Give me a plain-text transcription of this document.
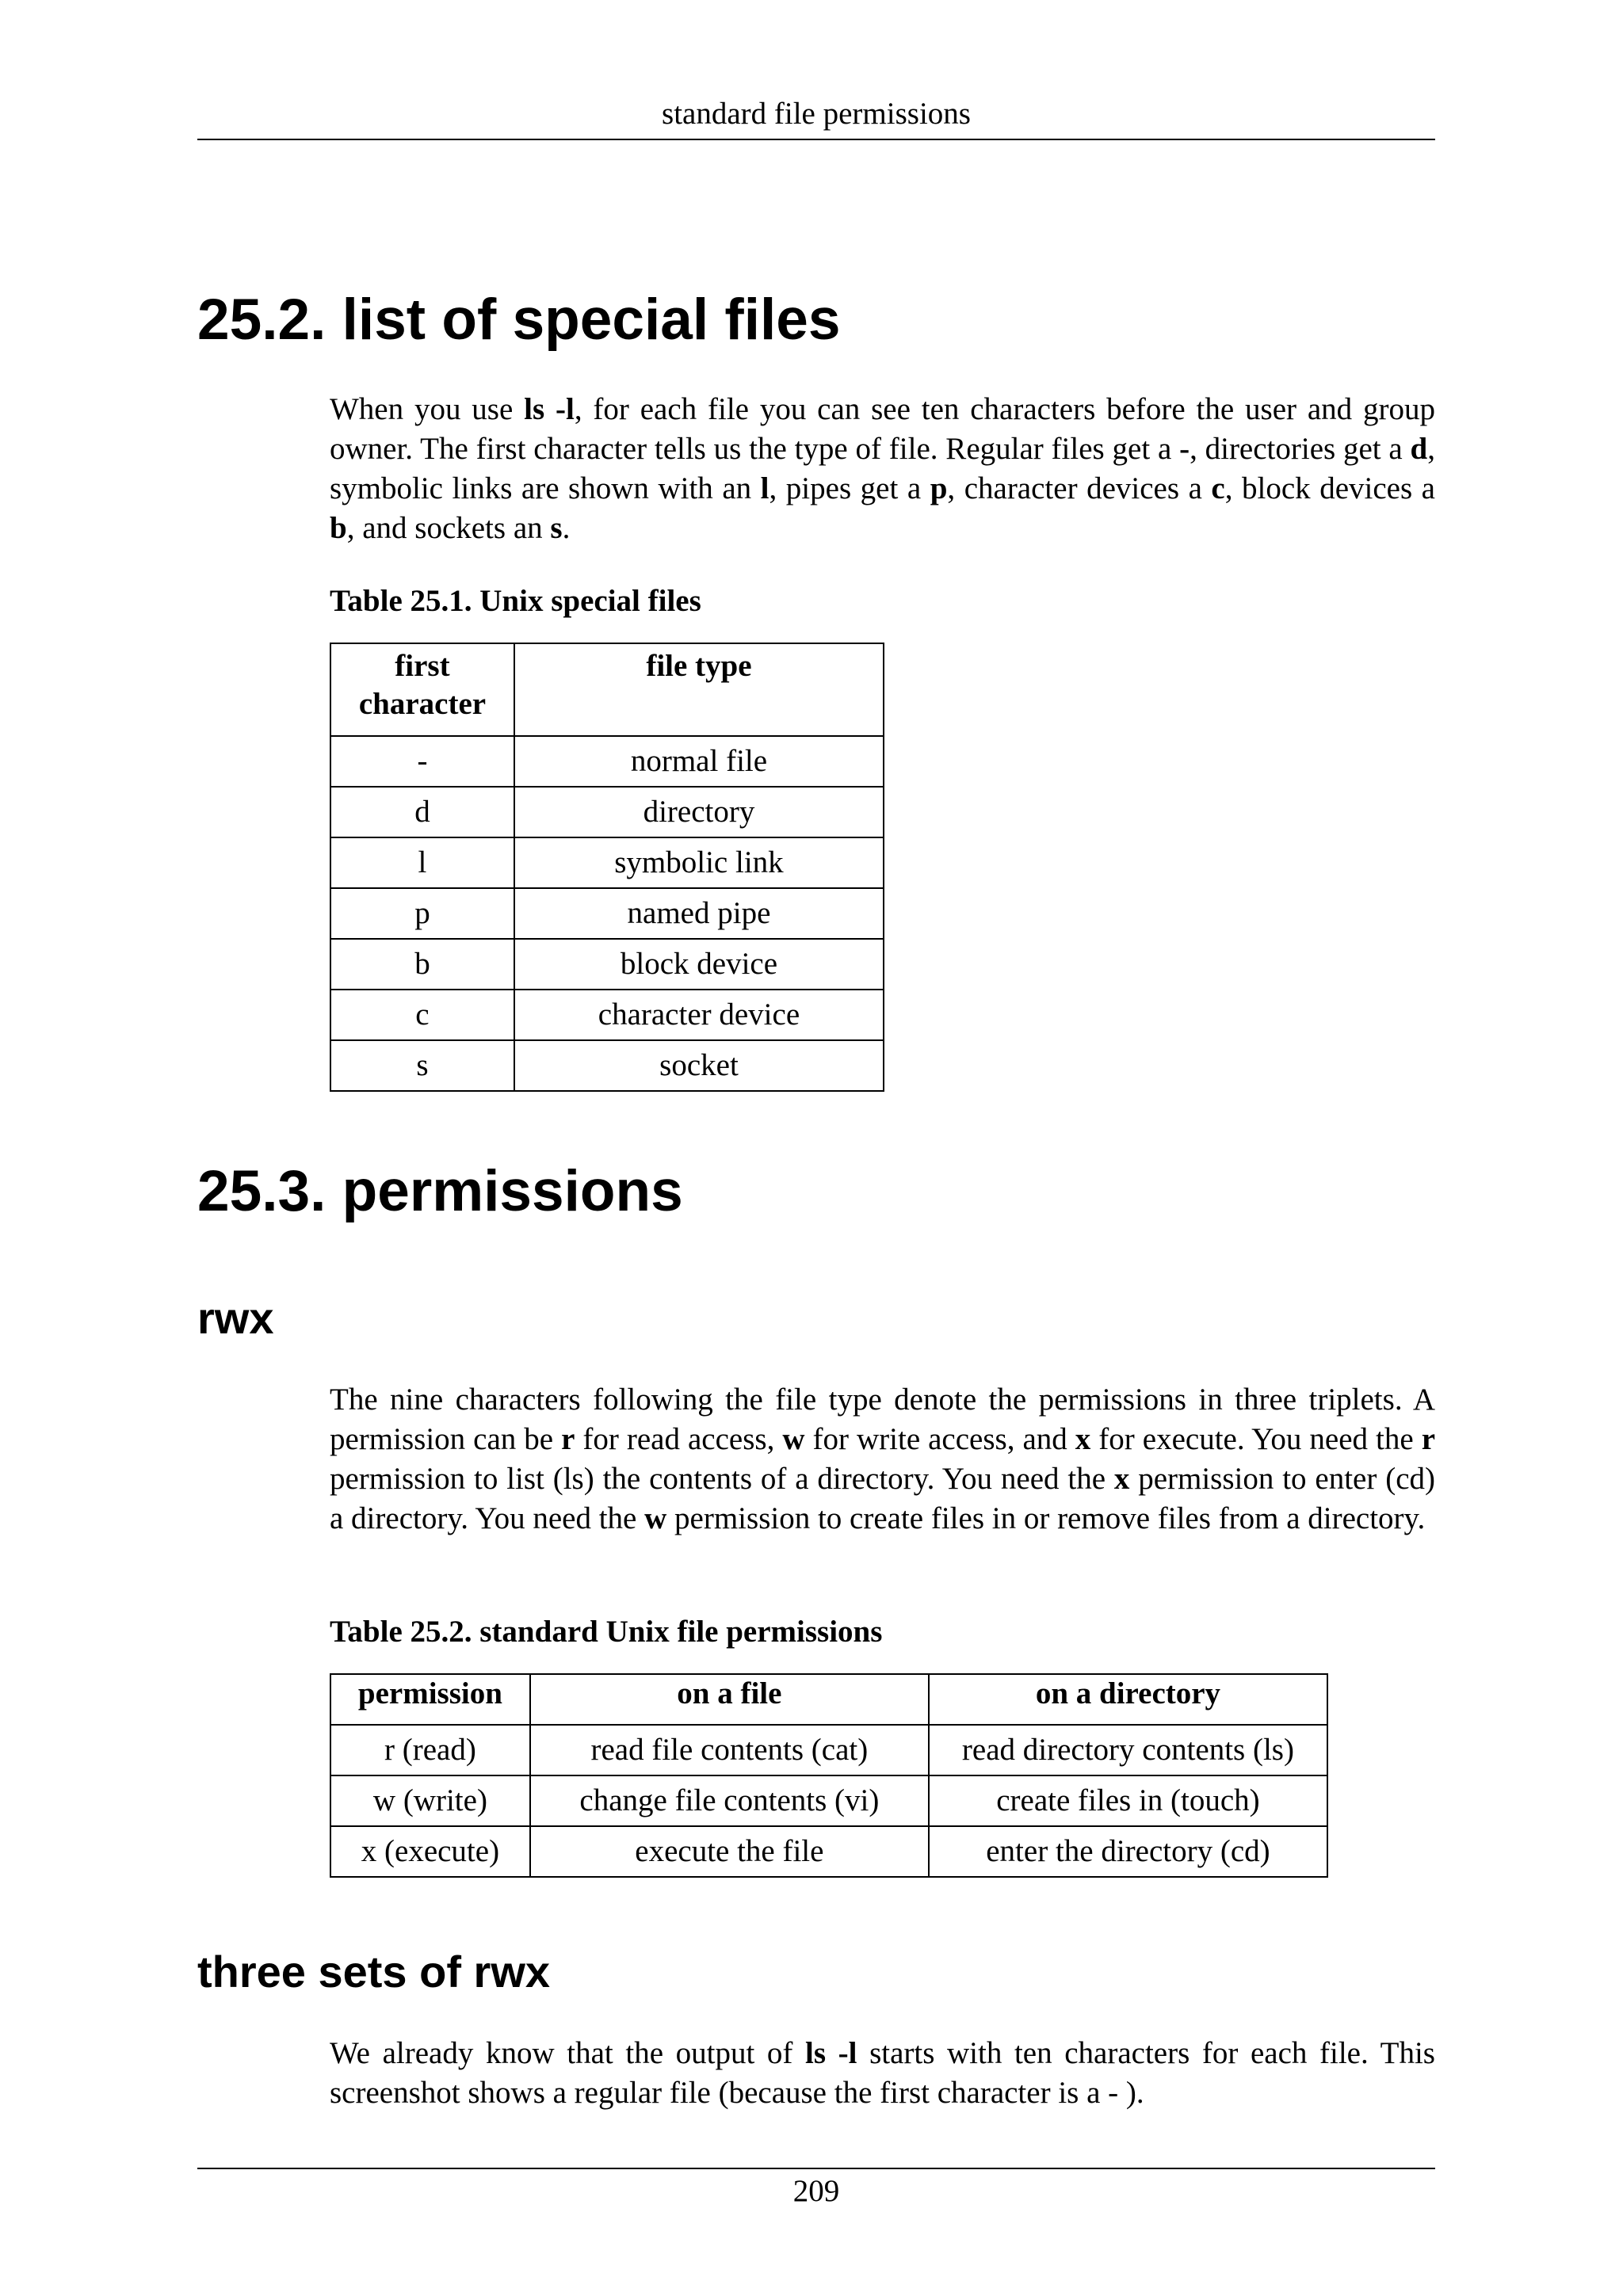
standard file permissions
25.2. list of special files

When you use ls -l, for each file you can see ten characters before the user and group owner. The first character tells us the type of file. Regular files get a -, directories get a d, symbolic links are shown with an l, pipes get a p, character devices a c, block devices a b, and sockets an s.

Table 25.1. Unix special files

first character	file type
-	normal file
d	directory
l	symbolic link
p	named pipe
b	block device
c	character device
s	socket
25.3. permissions
rwx

The nine characters following the file type denote the permissions in three triplets. A permission can be r for read access, w for write access, and x for execute. You need the r permission to list (ls) the contents of a directory. You need the x permission to enter (cd) a directory. You need the w permission to create files in or remove files from a directory.

Table 25.2. standard Unix file permissions

permission	on a file	on a directory
r (read)	read file contents (cat)	read directory contents (ls)
w (write)	change file contents (vi)	create files in (touch)
x (execute)	execute the file	enter the directory (cd)
three sets of rwx

We already know that the output of ls -l starts with ten characters for each file. This screenshot shows a regular file (because the first character is a - ).

209
